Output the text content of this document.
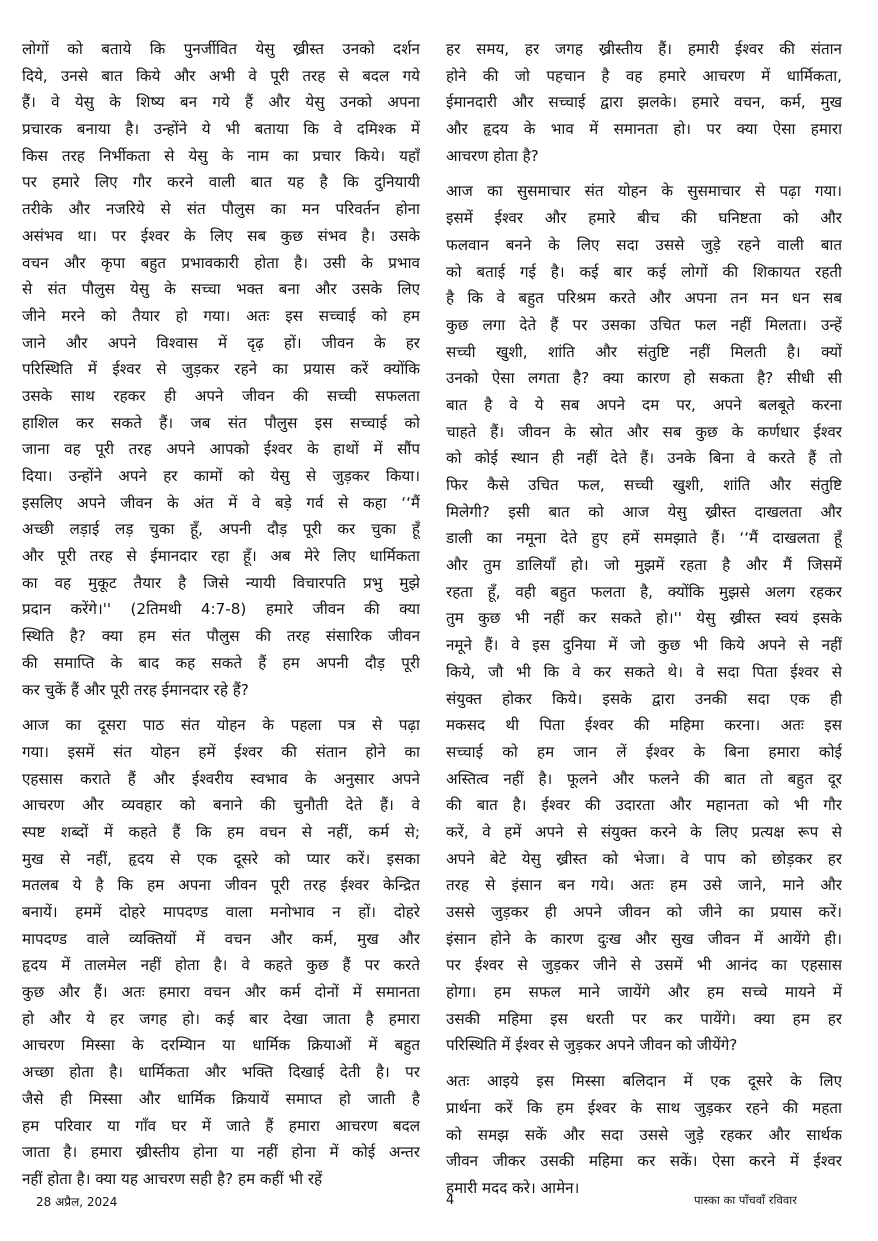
लोगों को बताये कि पुनर्जीवित येसु ख्रीस्त उनको दर्शन
दिये, उनसे बात किये और अभी वे पूरी तरह से बदल गये
हैं। वे येसु के शिष्य बन गये हैं और येसु उनको अपना
प्रचारक बनाया है। उन्होंने ये भी बताया कि वे दमिश्क में
किस तरह निर्भीकता से येसु के नाम का प्रचार किये। यहाँ
पर हमारे लिए गौर करने वाली बात यह है कि दुनियायी
तरीके और नजरिये से संत पौलुस का मन परिवर्तन होना
असंभव था। पर ईश्वर के लिए सब कुछ संभव है। उसके
वचन और कृपा बहुत प्रभावकारी होता है। उसी के प्रभाव
से संत पौलुस येसु के सच्चा भक्त बना और उसके लिए
जीने मरने को तैयार हो गया। अतः इस सच्चाई को हम
जाने और अपने विश्वास में दृढ़ हों। जीवन के हर
परिस्थिति में ईश्वर से जुड़कर रहने का प्रयास करें क्योंकि
उसके साथ रहकर ही अपने जीवन की सच्ची सफलता
हाशिल कर सकते हैं। जब संत पौलुस इस सच्चाई को
जाना वह पूरी तरह अपने आपको ईश्वर के हाथों में सौंप
दिया। उन्होंने अपने हर कामों को येसु से जुड़कर किया।
इसलिए अपने जीवन के अंत में वे बड़े गर्व से कहा ‘‘मैं
अच्छी लड़ाई लड़ चुका हूँ, अपनी दौड़ पूरी कर चुका हूँ
और पूरी तरह से ईमानदार रहा हूँ। अब मेरे लिए धार्मिकता
का वह मुकूट तैयार है जिसे न्यायी विचारपति प्रभु मुझे
प्रदान करेंगे।'' (2तिमथी 4:7-8) हमारे जीवन की क्या
स्थिति है? क्या हम संत पौलुस की तरह संसारिक जीवन
की समाप्ति के बाद कह सकते हैं हम अपनी दौड़ पूरी
कर चुकें हैं और पूरी तरह ईमानदार रहे हैं?
आज का दूसरा पाठ संत योहन के पहला पत्र से पढ़ा
गया। इसमें संत योहन हमें ईश्वर की संतान होने का
एहसास कराते हैं और ईश्वरीय स्वभाव के अनुसार अपने
आचरण और व्यवहार को बनाने की चुनौती देते हैं। वे
स्पष्ट शब्दों में कहते हैं कि हम वचन से नहीं, कर्म से;
मुख से नहीं, हृदय से एक दूसरे को प्यार करें। इसका
मतलब ये है कि हम अपना जीवन पूरी तरह ईश्वर केन्द्रित
बनायें। हममें दोहरे मापदण्ड वाला मनोभाव न हों। दोहरे
मापदण्ड वाले व्यक्तियों में वचन और कर्म, मुख और
हृदय में तालमेल नहीं होता है। वे कहते कुछ हैं पर करते
कुछ और हैं। अतः हमारा वचन और कर्म दोनों में समानता
हो और ये हर जगह हो। कई बार देखा जाता है हमारा
आचरण मिस्सा के दरम्यिान या धार्मिक क्रियाओं में बहुत
अच्छा होता है। धार्मिकता और भक्ति दिखाई देती है। पर
जैसे ही मिस्सा और धार्मिक क्रियायें समाप्त हो जाती है
हम परिवार या गाँव घर में जाते हैं हमारा आचरण बदल
जाता है। हमारा ख्रीस्तीय होना या नहीं होना में कोई अन्तर
नहीं होता है। क्या यह आचरण सही है? हम कहीं भी रहें
हर समय, हर जगह ख्रीस्तीय हैं। हमारी ईश्वर की संतान
होने की जो पहचान है वह हमारे आचरण में धार्मिकता,
ईमानदारी और सच्चाई द्वारा झलके। हमारे वचन, कर्म, मुख
और हृदय के भाव में समानता हो। पर क्या ऐसा हमारा
आचरण होता है?
आज का सुसमाचार संत योहन के सुसमाचार से पढ़ा गया।
इसमें ईश्वर और हमारे बीच की घनिष्टता को और
फलवान बनने के लिए सदा उससे जुड़े रहने वाली बात
को बताई गई है। कई बार कई लोगों की शिकायत रहती
है कि वे बहुत परिश्रम करते और अपना तन मन धन सब
कुछ लगा देते हैं पर उसका उचित फल नहीं मिलता। उन्हें
सच्ची खुशी, शांति और संतुष्टि नहीं मिलती है। क्यों
उनको ऐसा लगता है? क्या कारण हो सकता है? सीधी सी
बात है वे ये सब अपने दम पर, अपने बलबूते करना
चाहते हैं। जीवन के स्रोत और सब कुछ के कर्णधार ईश्वर
को कोई स्थान ही नहीं देते हैं। उनके बिना वे करते हैं तो
फिर कैसे उचित फल, सच्ची खुशी, शांति और संतुष्टि
मिलेगी? इसी बात को आज येसु ख्रीस्त दाखलता और
डाली का नमूना देते हुए हमें समझाते हैं। ‘‘मैं दाखलता हूँ
और तुम डालियाँ हो। जो मुझमें रहता है और मैं जिसमें
रहता हूँ, वही बहुत फलता है, क्योंकि मुझसे अलग रहकर
तुम कुछ भी नहीं कर सकते हो।'' येसु ख्रीस्त स्वयं इसके
नमूने हैं। वे इस दुनिया में जो कुछ भी किये अपने से नहीं
किये, जौ भी कि वे कर सकते थे। वे सदा पिता ईश्वर से
संयुक्त होकर किये। इसके द्वारा उनकी सदा एक ही
मकसद थी पिता ईश्वर की महिमा करना। अतः इस
सच्चाई को हम जान लें ईश्वर के बिना हमारा कोई
अस्तित्व नहीं है। फूलने और फलने की बात तो बहुत दूर
की बात है। ईश्वर की उदारता और महानता को भी गौर
करें, वे हमें अपने से संयुक्त करने के लिए प्रत्यक्ष रूप से
अपने बेटे येसु ख्रीस्त को भेजा। वे पाप को छोड़कर हर
तरह से इंसान बन गये। अतः हम उसे जाने, माने और
उससे जुड़कर ही अपने जीवन को जीने का प्रयास करें।
इंसान होने के कारण दुःख और सुख जीवन में आयेंगे ही।
पर ईश्वर से जुड़कर जीने से उसमें भी आनंद का एहसास
होगा। हम सफल माने जायेंगे और हम सच्चे मायने में
उसकी महिमा इस धरती पर कर पायेंगे। क्या हम हर
परिस्थिति में ईश्वर से जुड़कर अपने जीवन को जीयेंगे?
अतः आइये इस मिस्सा बलिदान में एक दूसरे के लिए
प्रार्थना करें कि हम ईश्वर के साथ जुड़कर रहने की महता
को समझ सकें और सदा उससे जुड़े रहकर और सार्थक
जीवन जीकर उसकी महिमा कर सकें। ऐसा करने में ईश्वर
हमारी मदद करे। आमेन।
28 अप्रैल, 2024	4	पास्का का पाँचवाँ रविवार
